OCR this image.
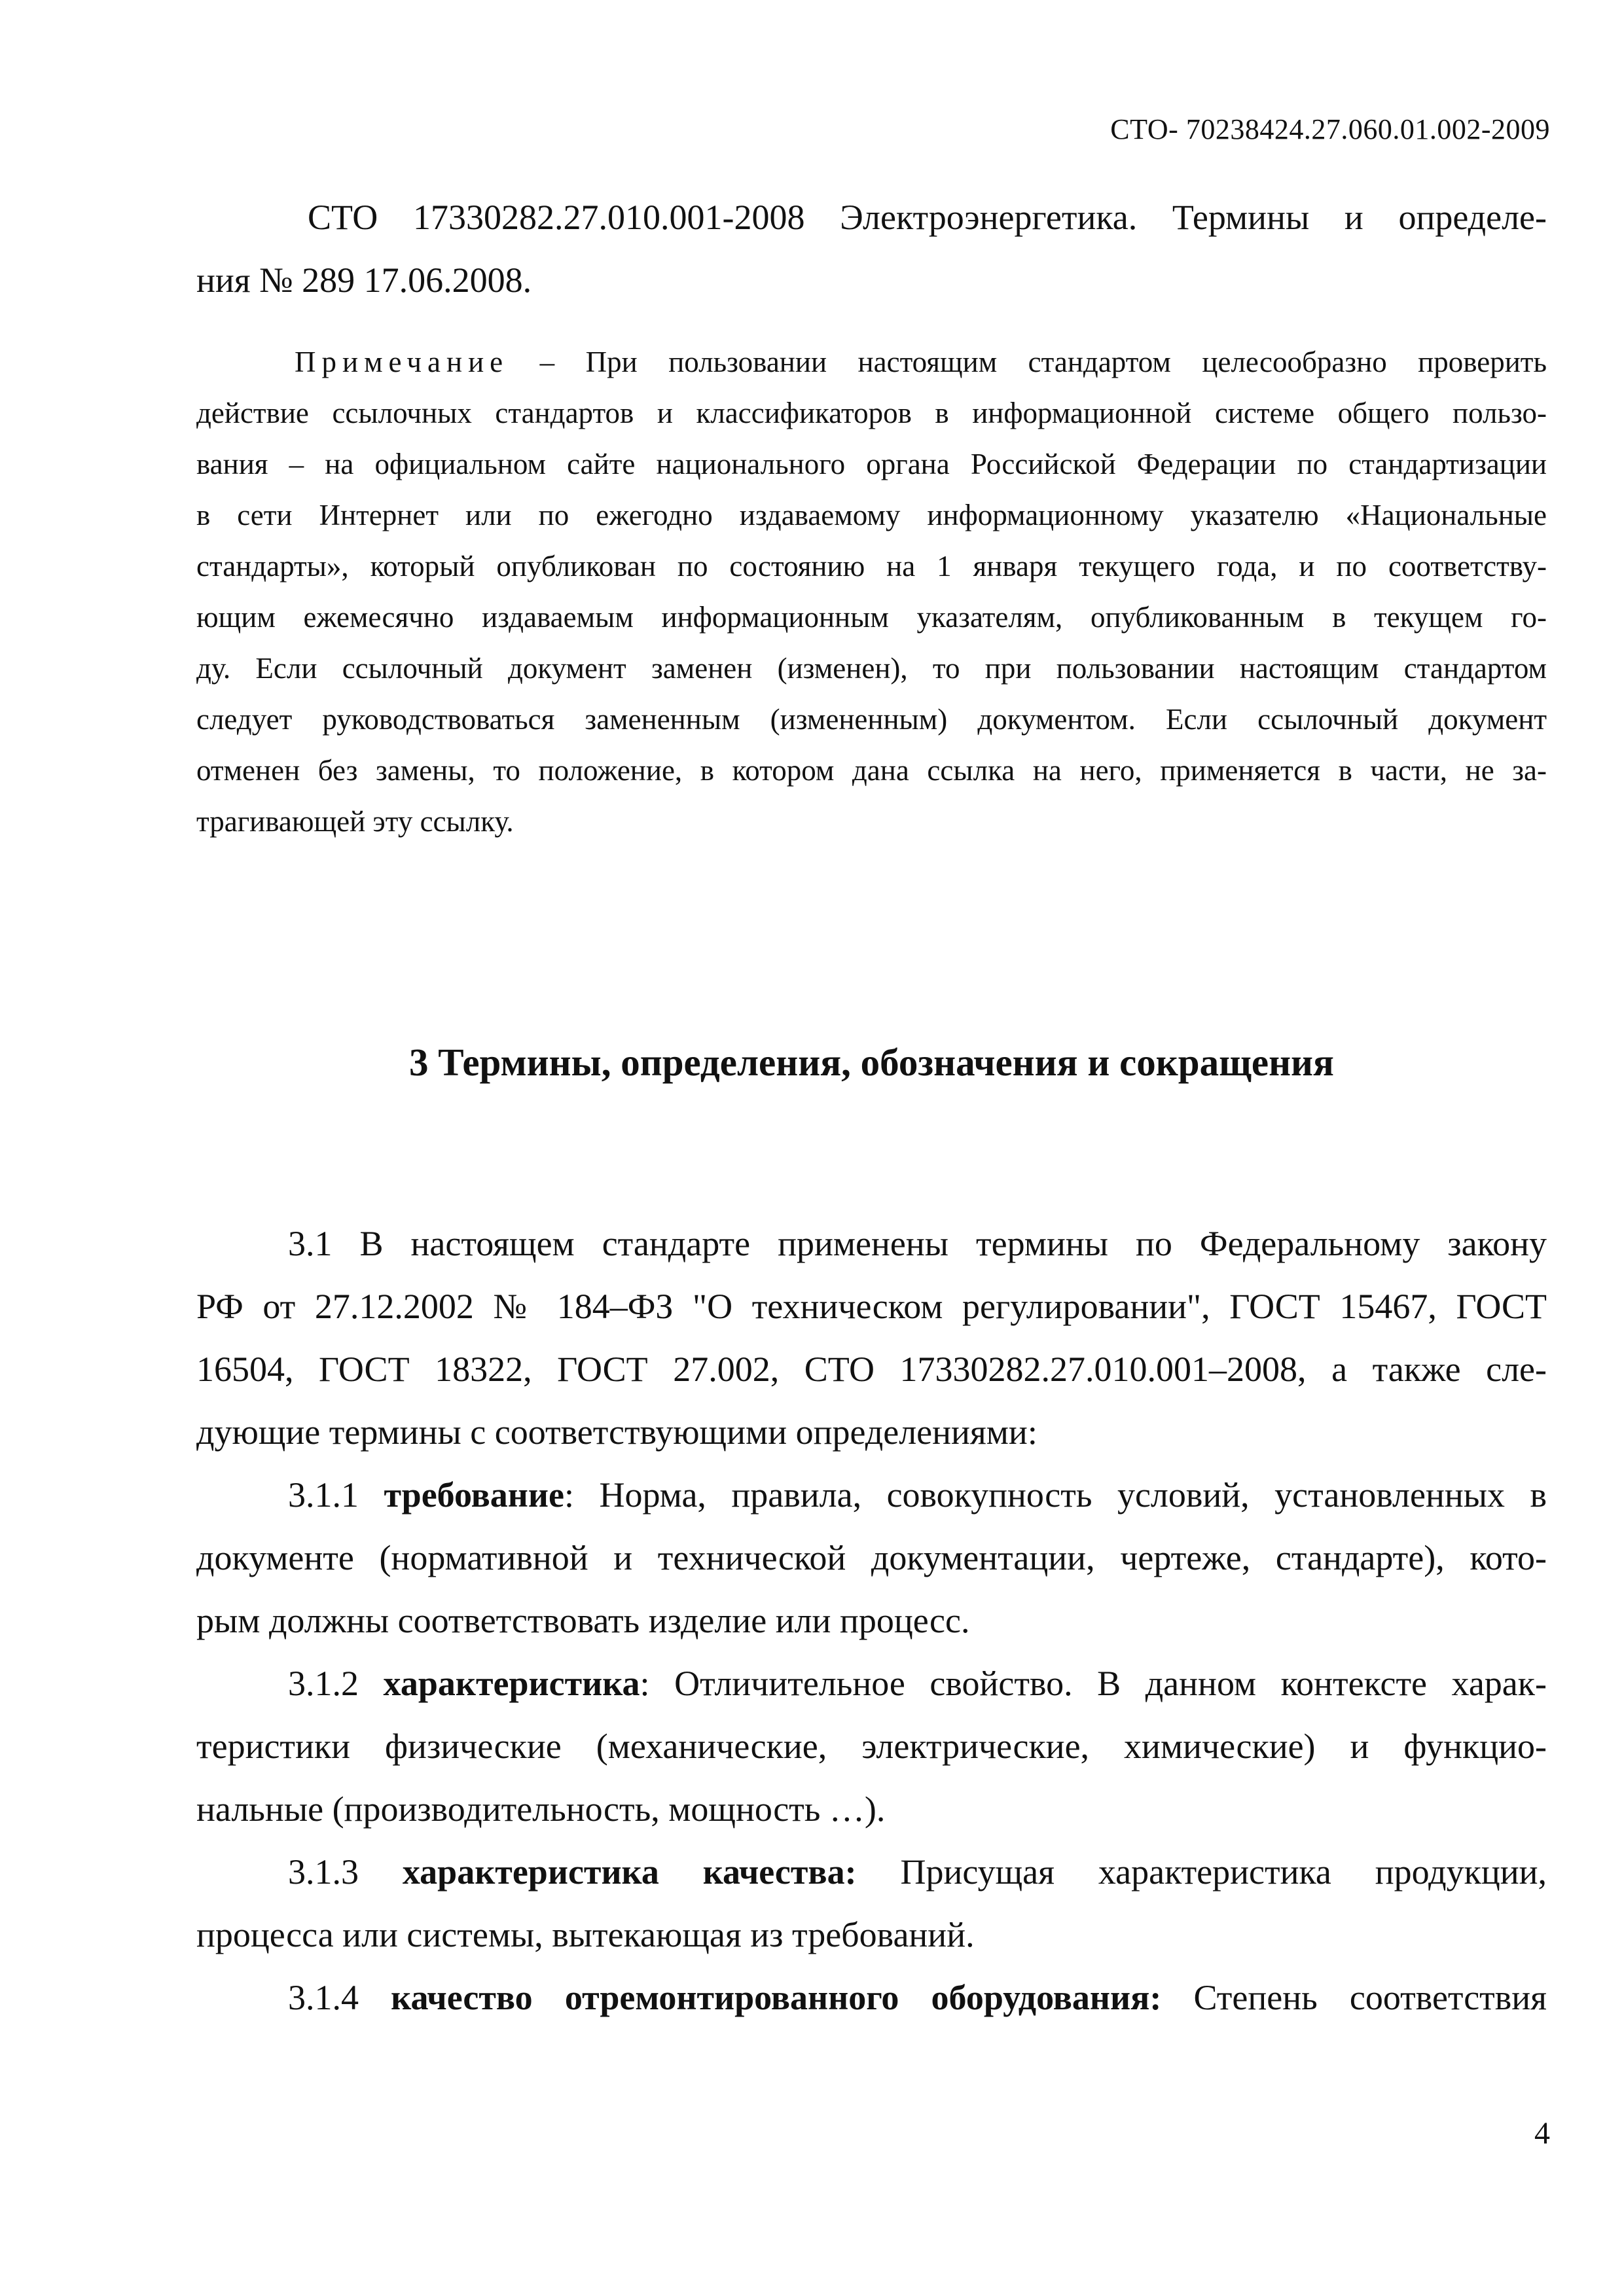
СТО- 70238424.27.060.01.002-2009
СТО 17330282.27.010.001-2008 Электроэнергетика. Термины и определе-
ния № 289 17.06.2008.
Примечание – При пользовании настоящим стандартом целесообразно проверить
действие ссылочных стандартов и классификаторов в информационной системе общего пользо-
вания – на официальном сайте национального органа Российской Федерации по стандартизации
в сети Интернет или по ежегодно издаваемому информационному указателю «Национальные
стандарты», который опубликован по состоянию на 1 января текущего года, и по соответству-
ющим ежемесячно издаваемым информационным указателям, опубликованным в текущем го-
ду. Если ссылочный документ заменен (изменен), то при пользовании настоящим стандартом
следует руководствоваться замененным (измененным) документом. Если ссылочный документ
отменен без замены, то положение, в котором дана ссылка на него, применяется в части, не за-
трагивающей эту ссылку.
3 Термины, определения, обозначения и сокращения
3.1 В настоящем стандарте применены термины по Федеральному закону
РФ от 27.12.2002 № 184–ФЗ "О техническом регулировании", ГОСТ 15467, ГОСТ
16504, ГОСТ 18322, ГОСТ 27.002, СТО 17330282.27.010.001–2008, а также сле-
дующие термины с соответствующими определениями:
3.1.1 требование: Норма, правила, совокупность условий, установленных в
документе (нормативной и технической документации, чертеже, стандарте), кото-
рым должны соответствовать изделие или процесс.
3.1.2 характеристика: Отличительное свойство. В данном контексте харак-
теристики физические (механические, электрические, химические) и функцио-
нальные (производительность, мощность …).
3.1.3 характеристика качества: Присущая характеристика продукции,
процесса или системы, вытекающая из требований.
3.1.4 качество отремонтированного оборудования: Степень соответствия
4
